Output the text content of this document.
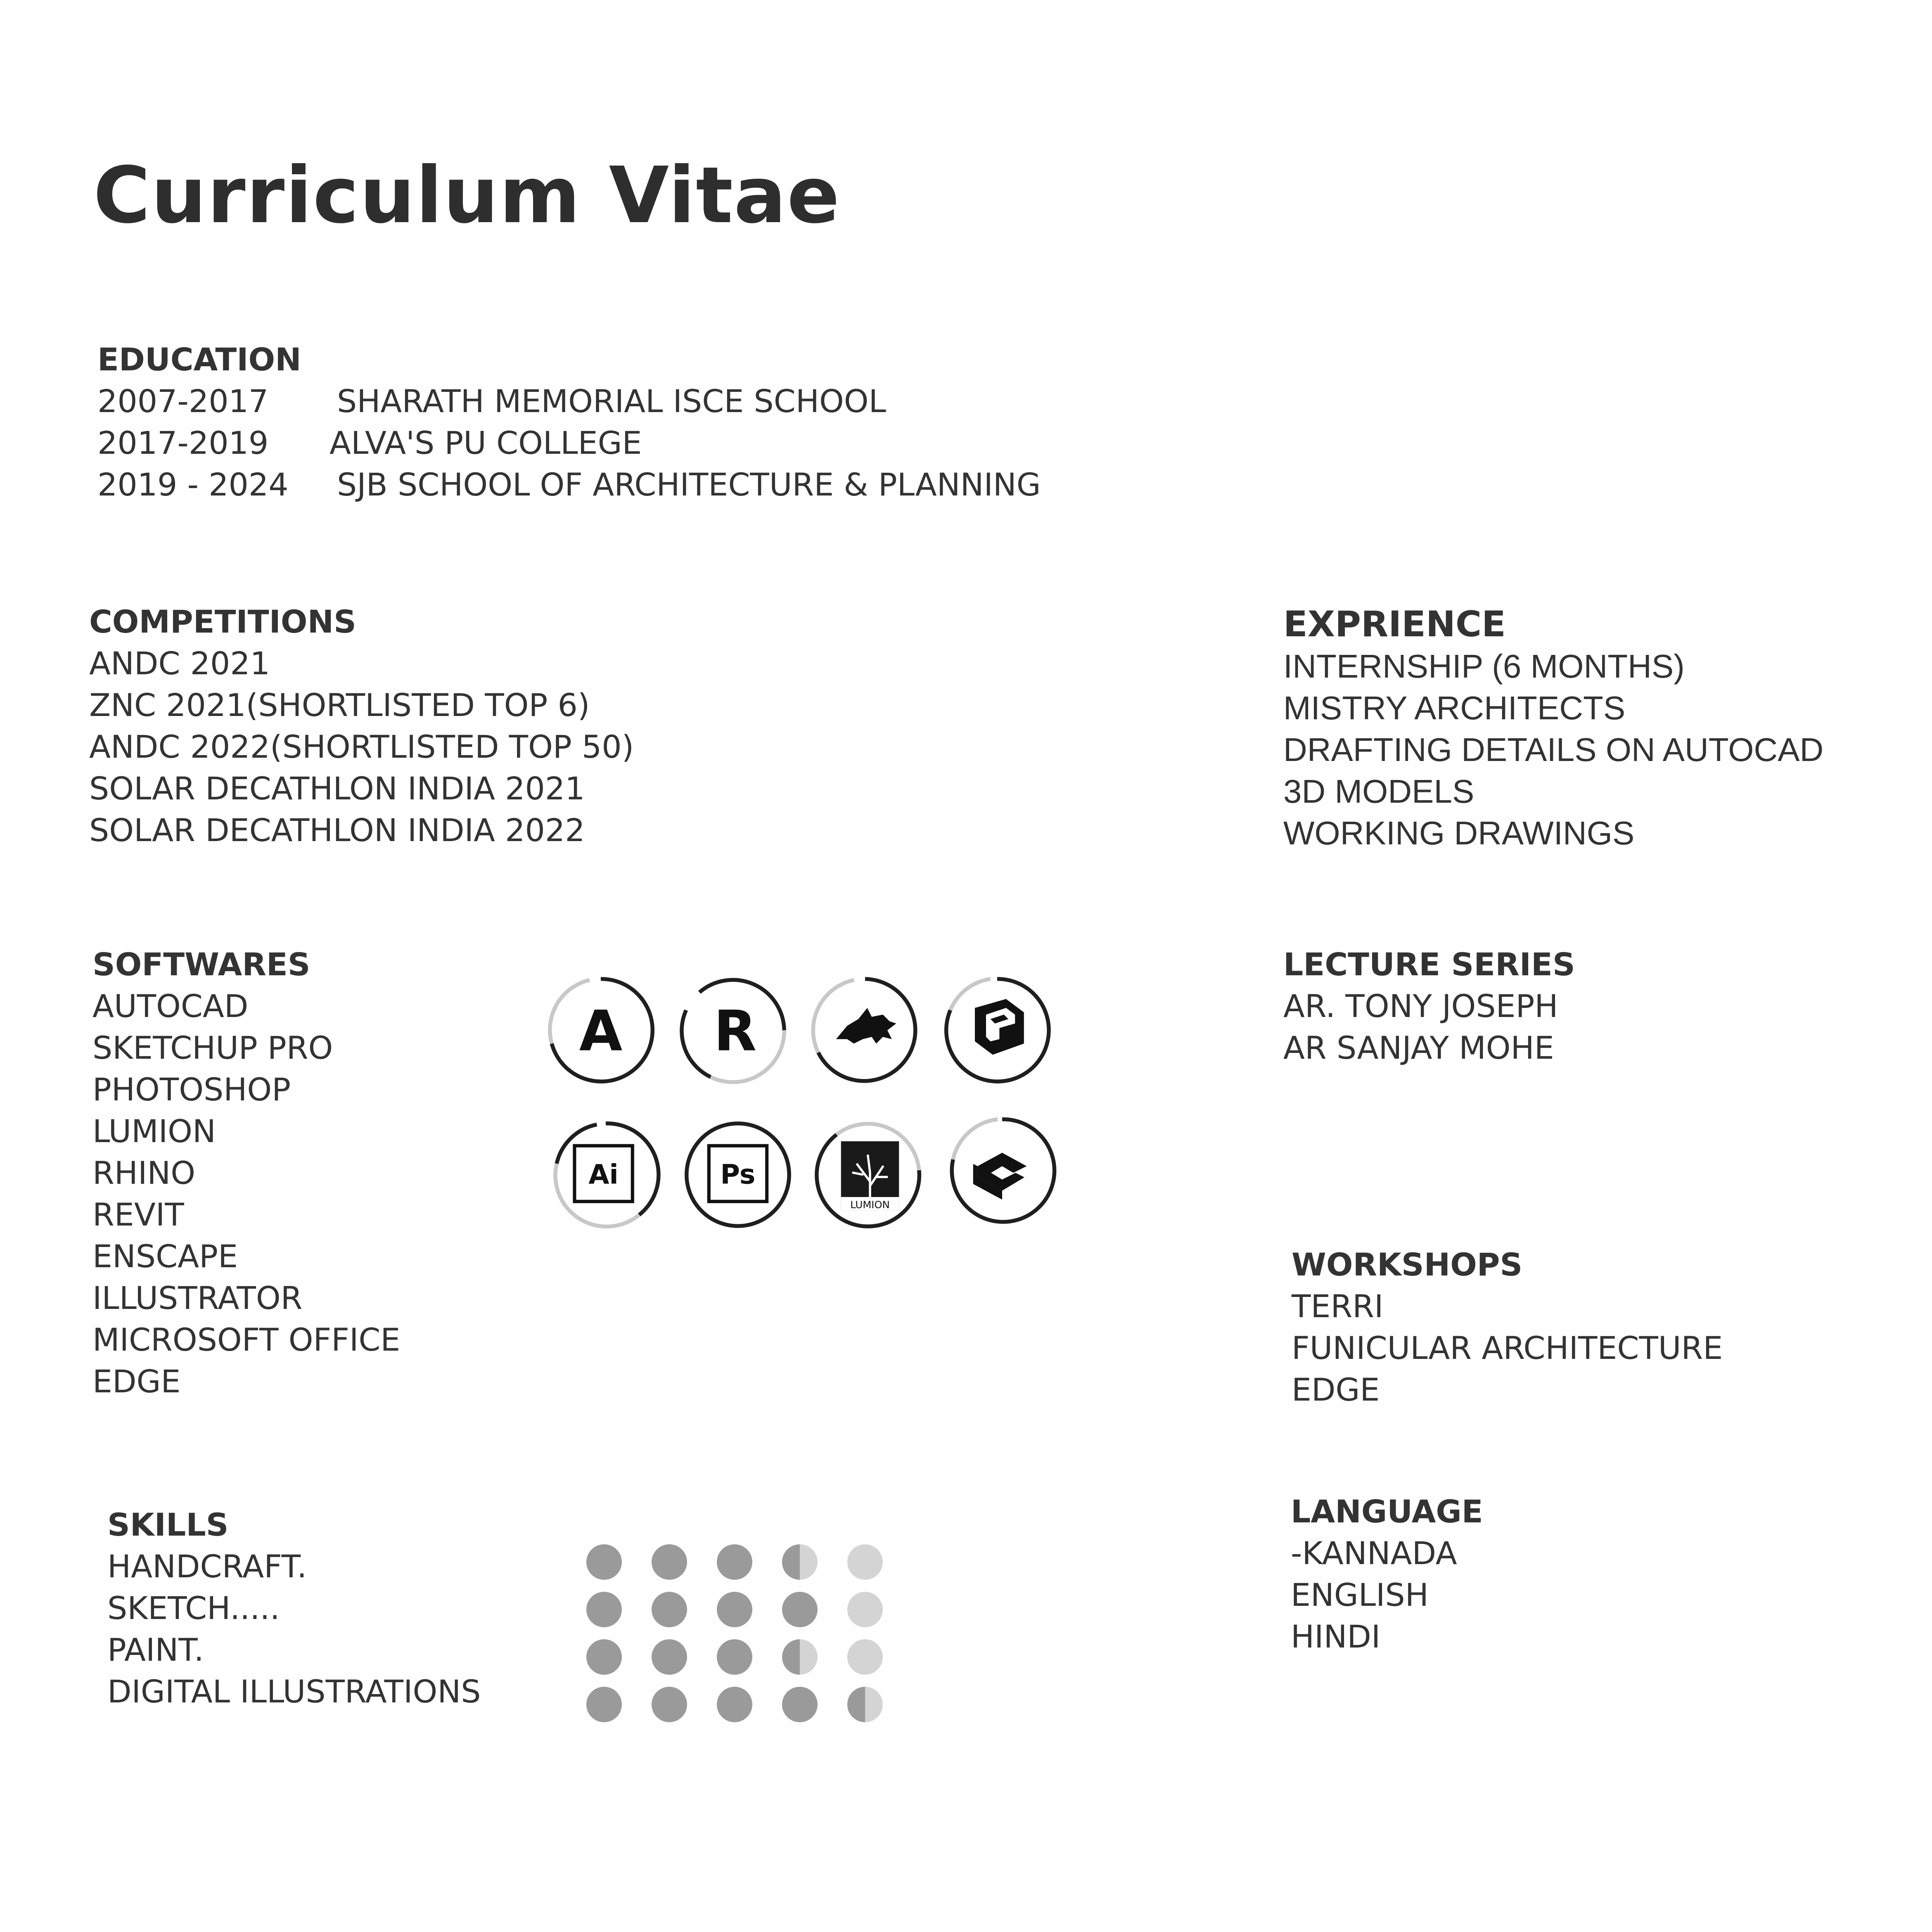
Curriculum Vitae
EDUCATION
2007-2017 SHARATH MEMORIAL ISCE SCHOOL
2017-2019 ALVA'S PU COLLEGE
2019 - 2024 SJB SCHOOL OF ARCHITECTURE & PLANNING
COMPETITIONS
ANDC 2021
ZNC 2021(SHORTLISTED TOP 6)
ANDC 2022(SHORTLISTED TOP 50)
SOLAR DECATHLON INDIA 2021
SOLAR DECATHLON INDIA 2022
EXPRIENCE
INTERNSHIP (6 MONTHS)
MISTRY ARCHITECTS
DRAFTING DETAILS ON AUTOCAD
3D MODELS
WORKING DRAWINGS
SOFTWARES
AUTOCAD
SKETCHUP PRO
PHOTOSHOP
LUMION
RHINO
REVIT
ENSCAPE
ILLUSTRATOR
MICROSOFT OFFICE
EDGE
A	R
Ai	Ps
LUMION
LECTURE SERIES
AR. TONY JOSEPH
AR SANJAY MOHE
WORKSHOPS
TERRI
FUNICULAR ARCHITECTURE
EDGE
SKILLS
HANDCRAFT.
SKETCH.....
PAINT.
DIGITAL ILLUSTRATIONS
LANGUAGE
-KANNADA
ENGLISH
HINDI
